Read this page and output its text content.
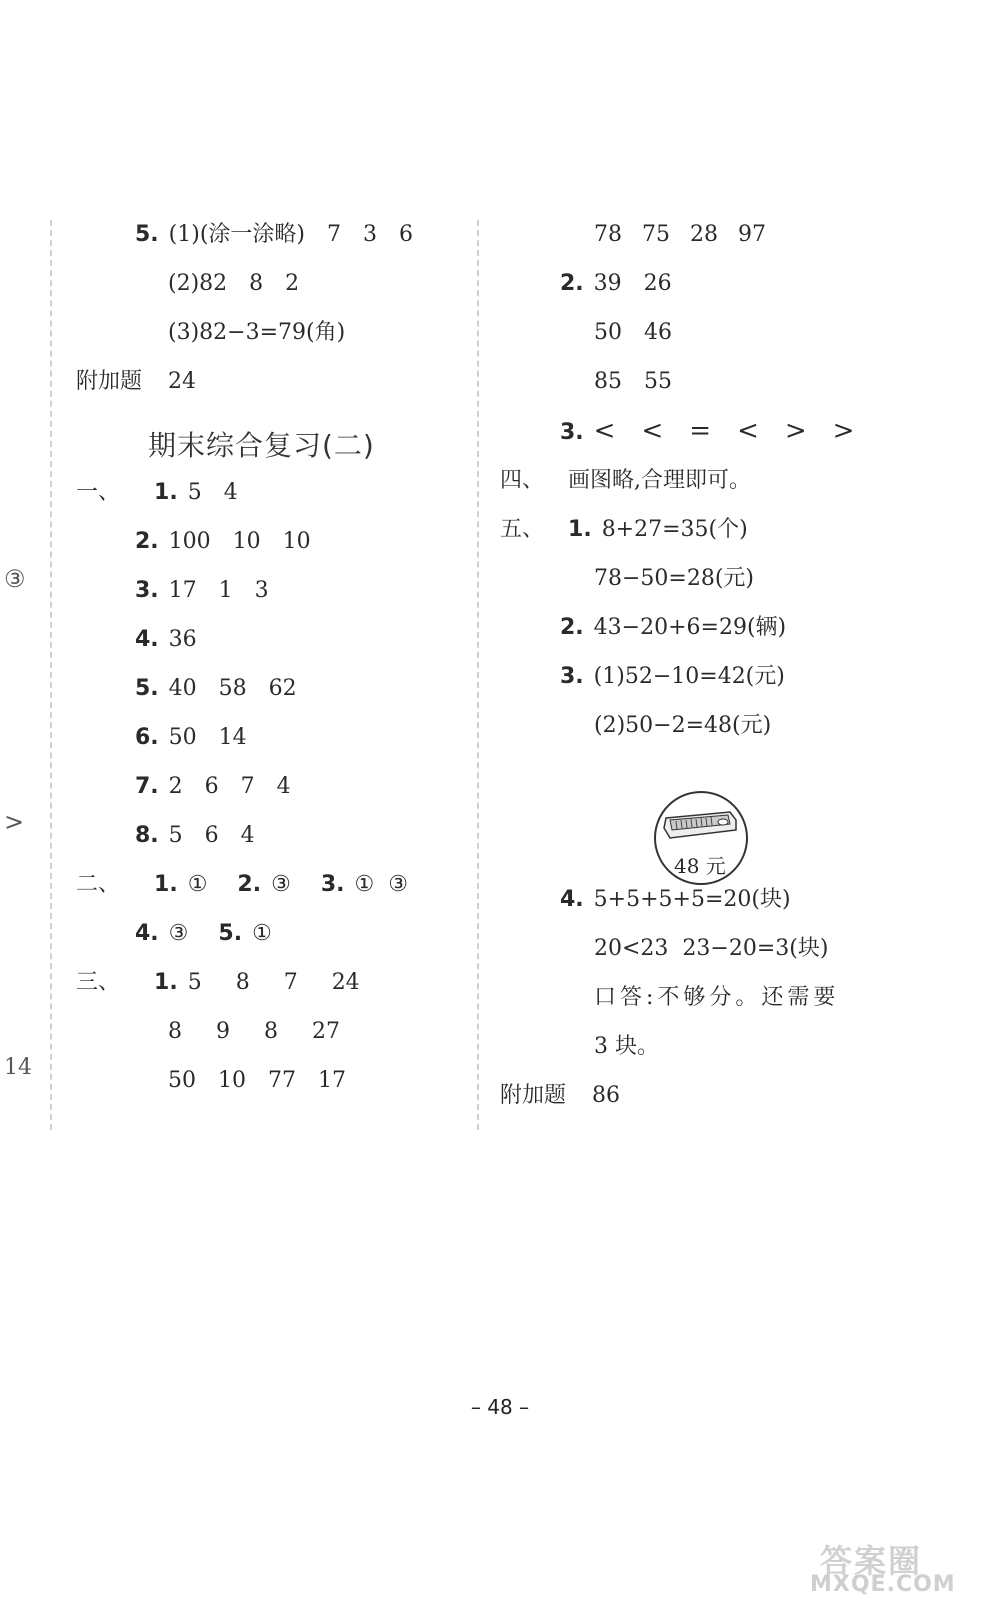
③
>
14
5. (1)(涂一涂略) 7 3 6
(2)82 8 2
(3)82−3=79(角)
附加题 24
期末综合复习(二)
一、 1. 5 4
2. 100 10 10
3. 17 1 3
4. 36
5. 40 58 62
6. 50 14
7. 2 6 7 4
8. 5 6 4
二、 1. ① 2. ③ 3. ①  ③
4. ③ 5. ①
三、 1. 5 8 7 24
8 9 8 27
50 10 77 17
78 75 28 97
2. 39 26
50 46
85 55
3. < < = < > >
四、 画图略,合理即可。
五、 1. 8+27=35(个)
78−50=28(元)
2. 43−20+6=29(辆)
3. (1)52−10=42(元)
(2)50−2=48(元)
48 元
4. 5+5+5+5=20(块)
20<23  23−20=3(块)
口答:不够分。还需要
3 块。
附加题 86
– 48 –
答案圈
MXQE.COM
